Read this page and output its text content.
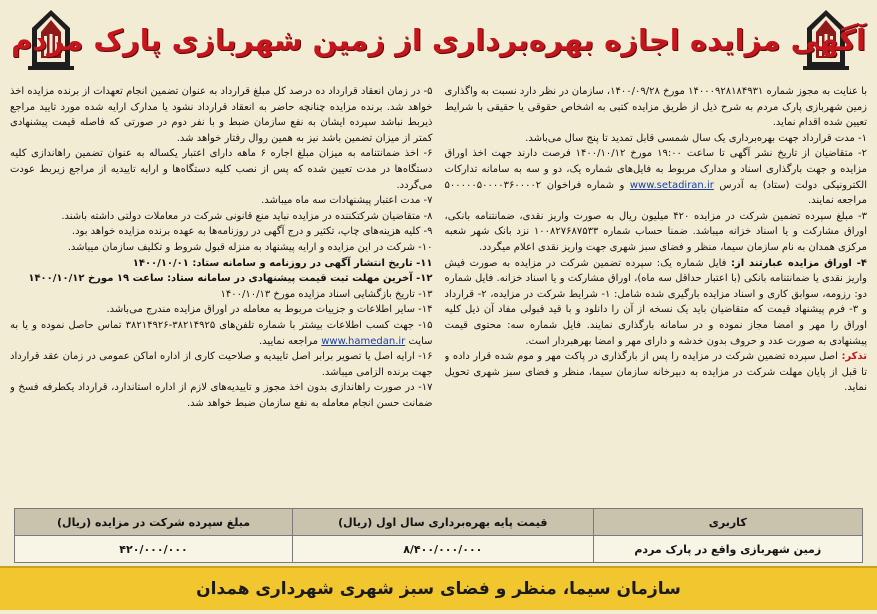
آگهی مزایده اجازه بهره‌برداری از زمین شهربازی پارک مردم

با عنایت به مجوز شماره ۱۴۰۰۰۹۲۸۱۸۴۹۳۱ مورخ ۱۴۰۰/۰۹/۲۸، سازمان در نظر دارد نسبت به واگذاری زمین شهربازی پارک مردم به شرح ذیل از طریق مزایده کتبی به اشخاص حقوقی یا حقیقی با شرایط تعیین شده اقدام نماید.

۱- مدت قرارداد جهت بهره‌برداری یک سال شمسی قابل تمدید تا پنج سال می‌باشد.

۲- متقاضیان از تاریخ نشر آگهی تا ساعت ۱۹:۰۰ مورخ ۱۴۰۰/۱۰/۱۲ فرصت دارند جهت اخذ اوراق مزایده و جهت بارگذاری اسناد و مدارک مربوط به فایل‌های شماره یک، دو و سه به سامانه تدارکات الکترونیکی دولت (ستاد) به آدرس www.setadiran.ir و شماره فراخوان ۵۰۰۰۰۰۵۰۰۰۰۳۶۰۰۰۰۲ مراجعه نمایند.

۳- مبلغ سپرده تضمین شرکت در مزایده ۴۲۰ میلیون ریال به صورت واریز نقدی، ضمانتنامه بانکی، اوراق مشارکت و یا اسناد خزانه میباشد. ضمنا حساب شماره ۱۰۰۸۲۷۶۸۷۵۳۳ نزد بانک شهر شعبه مرکزی همدان به نام سازمان سیما، منظر و فضای سبز شهری جهت واریز نقدی اعلام میگردد.

۴- اوراق مزایده عبارتند از: فایل شماره یک: سپرده تضمین شرکت در مزایده به صورت فیش واریز نقدی یا ضمانتنامه بانکی (با اعتبار حداقل سه ماه)، اوراق مشارکت و یا اسناد خزانه. فایل شماره دو: رزومه، سوابق کاری و اسناد مزایده بارگیری شده شامل: ۱- شرایط شرکت در مزایده، ۲- قرارداد و ۳- فرم پیشنهاد قیمت که متقاضیان باید یک نسخه از آن را دانلود و با قید قبولی مفاد آن ذیل کلیه اوراق را مهر و امضا مجاز نموده و در سامانه بارگذاری نمایند. فایل شماره سه: محتوی قیمت پیشنهادی به صورت عدد و حروف بدون خدشه و دارای مهر و امضا بهرهبردار است.

تذکر: اصل سپرده تضمین شرکت در مزایده را پس از بارگذاری در پاکت مهر و موم شده قرار داده و تا قبل از پایان مهلت شرکت در مزایده به دبیرخانه سازمان سیما، منظر و فضای سبز شهری تحویل نماید.

۵- در زمان انعقاد قرارداد ده درصد کل مبلغ قرارداد به عنوان تضمین انجام تعهدات از برنده مزایده اخذ خواهد شد. برنده مزایده چنانچه حاضر به انعقاد قرارداد نشود یا مدارک ارایه شده مورد تایید مراجع ذیربط نباشد سپرده ایشان به نفع سازمان ضبط و با نفر دوم در صورتی که فاصله قیمت پیشنهادی کمتر از میزان تضمین باشد نیز به همین روال رفتار خواهد شد.

۶- اخذ ضمانتنامه به میزان مبلغ اجاره ۶ ماهه دارای اعتبار یکساله به عنوان تضمین راهاندازی کلیه دستگاه‌ها در مدت تعیین شده که پس از نصب کلیه دستگاه‌ها و ارایه تاییدیه از مراجع زیربط عودت می‌گردد.

۷- مدت اعتبار پیشنهادات سه ماه میباشد.

۸- متقاضیان شرکتکننده در مزایده نباید منع قانونی شرکت در معاملات دولتی داشته باشند.

۹- کلیه هزینه‌های چاپ، تکثیر و درج آگهی در روزنامه‌ها به عهده برنده مزایده خواهد بود.

۱۰- شرکت در این مزایده و ارایه پیشنهاد به منزله قبول شروط و تکلیف سازمان میباشد.

۱۱- تاریخ انتشار آگهی در روزنامه و سامانه ستاد: ۱۴۰۰/۱۰/۰۱

۱۲- آخرین مهلت ثبت قیمت پیشنهادی در سامانه ستاد: ساعت ۱۹ مورخ ۱۴۰۰/۱۰/۱۲

۱۳- تاریخ بازگشایی اسناد مزایده مورخ ۱۴۰۰/۱۰/۱۳

۱۴- سایر اطلاعات و جزییات مربوط به معامله در اوراق مزایده مندرج می‌باشد.

۱۵- جهت کسب اطلاعات بیشتر با شماره تلفن‌های ۳۸۲۱۴۹۲۵-۳۸۲۱۴۹۲۶ تماس حاصل نموده و یا به سایت www.hamedan.ir مراجعه نمایید.

۱۶- ارایه اصل یا تصویر برابر اصل تاییدیه و صلاحیت کاری از اداره اماکن عمومی در زمان عقد قرارداد جهت برنده الزامی میباشد.

۱۷- در صورت راهاندازی بدون اخذ مجوز و تاییدیه‌های لازم از اداره استاندارد، قرارداد یکطرفه فسخ و ضمانت حسن انجام معامله به نفع سازمان ضبط خواهد شد.

کاربری	قیمت پایه بهره‌برداری سال اول (ریال)	مبلغ سپرده شرکت در مزایده (ریال)
زمین شهربازی واقع در پارک مردم	۸/۴۰۰/۰۰۰/۰۰۰	۴۲۰/۰۰۰/۰۰۰
سازمان سیما، منظر و فضای سبز شهری شهرداری همدان
